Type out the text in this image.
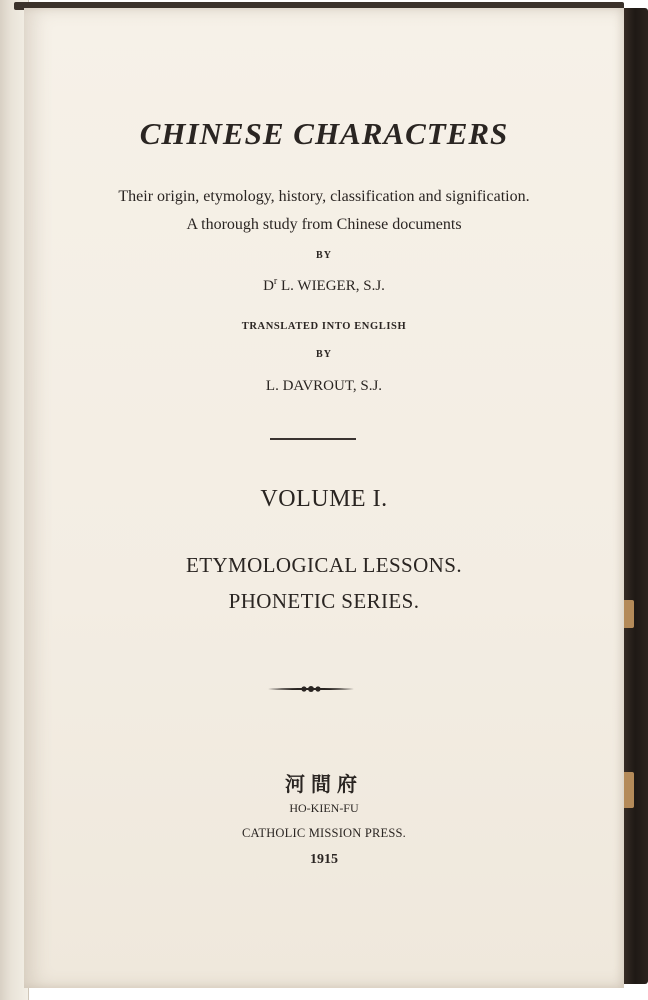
CHINESE CHARACTERS
Their origin, etymology, history, classification and signification.
A thorough study from Chinese documents
BY
$D^r$ L. WIEGER, S.J.
TRANSLATED INTO ENGLISH
BY
L. DAVROUT, S.J.
VOLUME I.
ETYMOLOGICAL LESSONS.
PHONETIC SERIES.
河間府
HO-KIEN-FU
CATHOLIC MISSION PRESS.
1915
